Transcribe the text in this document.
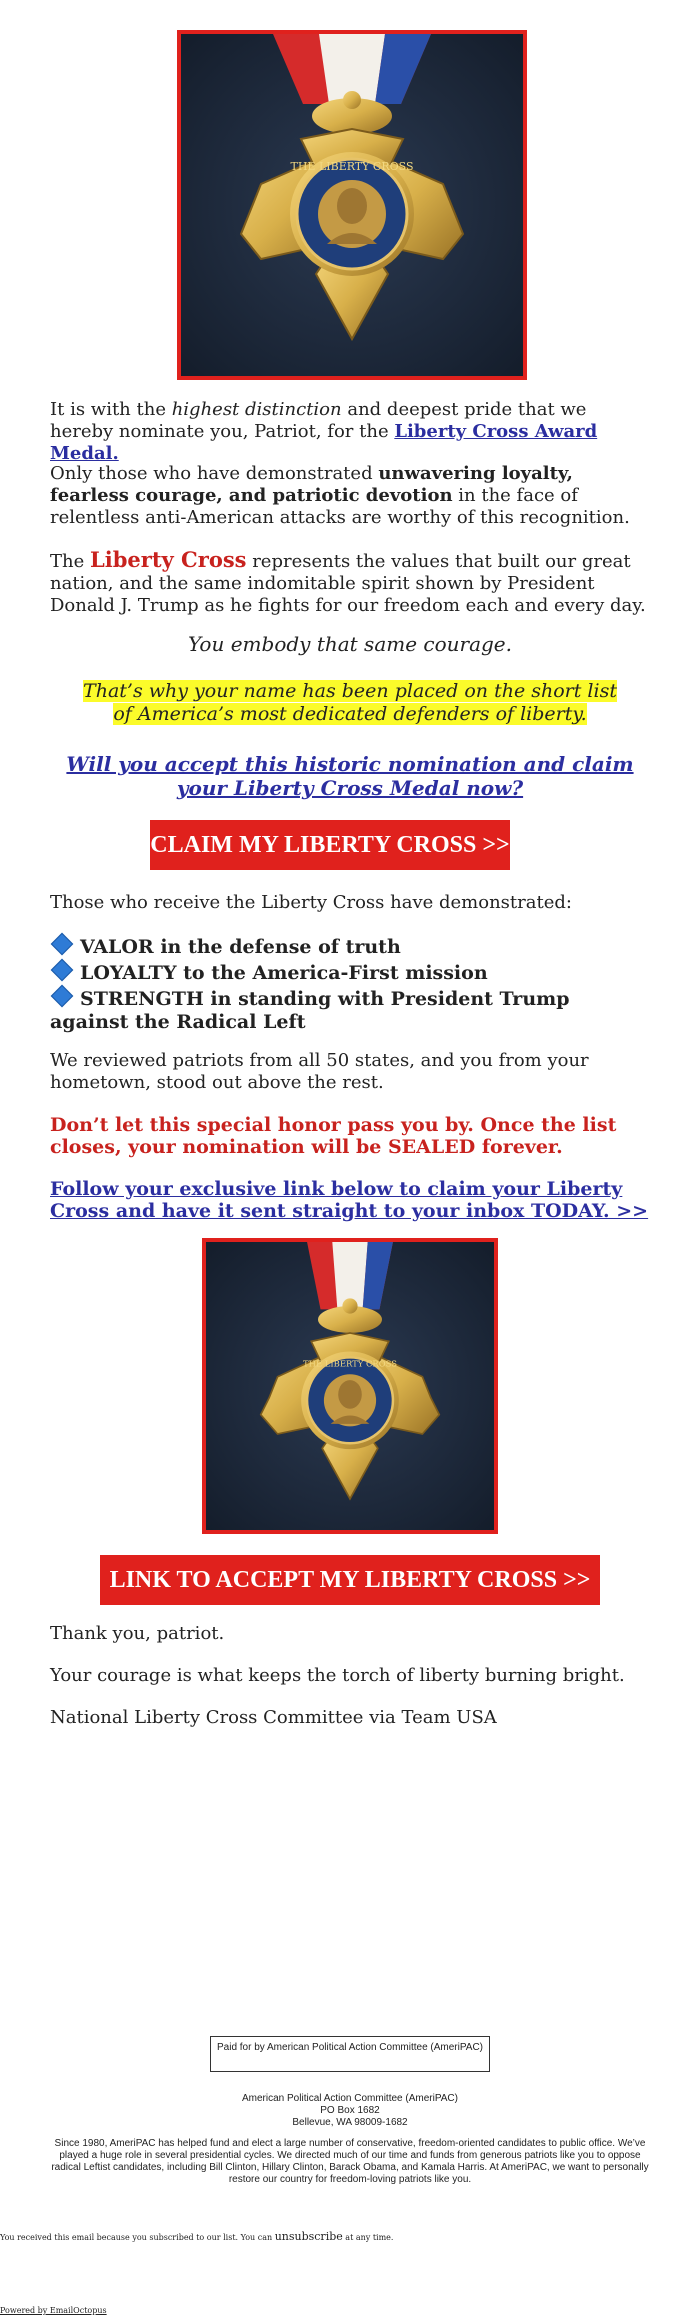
THE LIBERTY CROSS

It is with the highest distinction and deepest pride that we hereby nominate you, Patriot, for the Liberty Cross Award Medal.

Only those who have demonstrated unwavering loyalty, fearless courage, and patriotic devotion in the face of relentless anti-American attacks are worthy of this recognition.

The Liberty Cross represents the values that built our great nation, and the same indomitable spirit shown by President Donald J. Trump as he fights for our freedom each and every day.

You embody that same courage.

That’s why your name has been placed on the short list of America’s most dedicated defenders of liberty.

Will you accept this historic nomination and claim your Liberty Cross Medal now?

CLAIM MY LIBERTY CROSS >>

Those who receive the Liberty Cross have demonstrated:

VALOR in the defense of truth
LOYALTY to the America-First mission
STRENGTH in standing with President Trump against the Radical Left

We reviewed patriots from all 50 states, and you from your hometown, stood out above the rest.

Don’t let this special honor pass you by. Once the list closes, your nomination will be SEALED forever.

Follow your exclusive link below to claim your Liberty Cross and have it sent straight to your inbox TODAY. >>

THE LIBERTY CROSS
LINK TO ACCEPT MY LIBERTY CROSS >>

Thank you, patriot.

Your courage is what keeps the torch of liberty burning bright.

National Liberty Cross Committee via Team USA

Paid for by American Political Action Committee (AmeriPAC)
American Political Action Committee (AmeriPAC)
PO Box 1682
Bellevue, WA 98009-1682
Since 1980, AmeriPAC has helped fund and elect a large number of conservative, freedom-oriented candidates to public office. We’ve played a huge role in several presidential cycles. We directed much of our time and funds from generous patriots like you to oppose radical Leftist candidates, including Bill Clinton, Hillary Clinton, Barack Obama, and Kamala Harris. At AmeriPAC, we want to personally restore our country for freedom-loving patriots like you.
You received this email because you subscribed to our list. You can unsubscribe at any time.
Powered by EmailOctopus
